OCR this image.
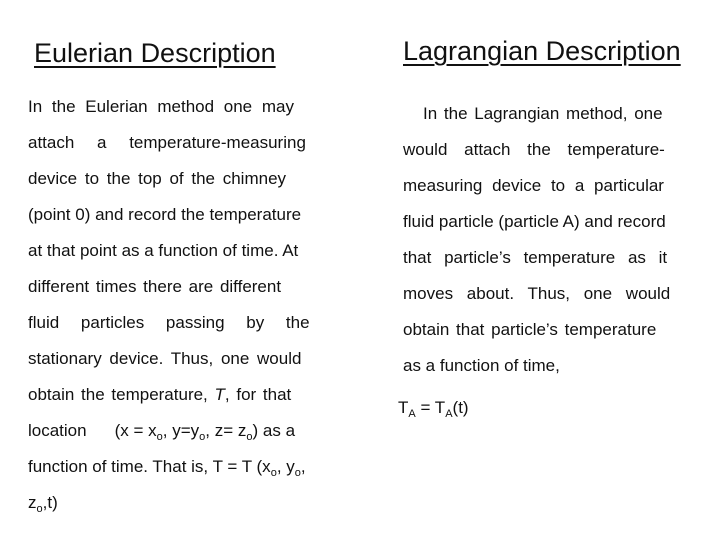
Eulerian Description	Lagrangian Description
In the Eulerian method one may
attach a temperature-measuring
device to the top of the chimney
(point 0) and record the temperature
at that point as a function of time. At
different times there are different
fluid particles passing by the
stationary device. Thus, one would
obtain the temperature, T, for that
location ($x = x_o$, $y=y_o$, $z= z_o$) as a
function of time. That is, T = T ($x_o$, $y_o$,
$z_o,t$)
In the Lagrangian method, one
would attach the temperature-
measuring device to a particular
fluid particle (particle A) and record
that particle’s temperature as it
moves about. Thus, one would
obtain that particle’s temperature
as a function of time,
$T_A = T_A(t)$
